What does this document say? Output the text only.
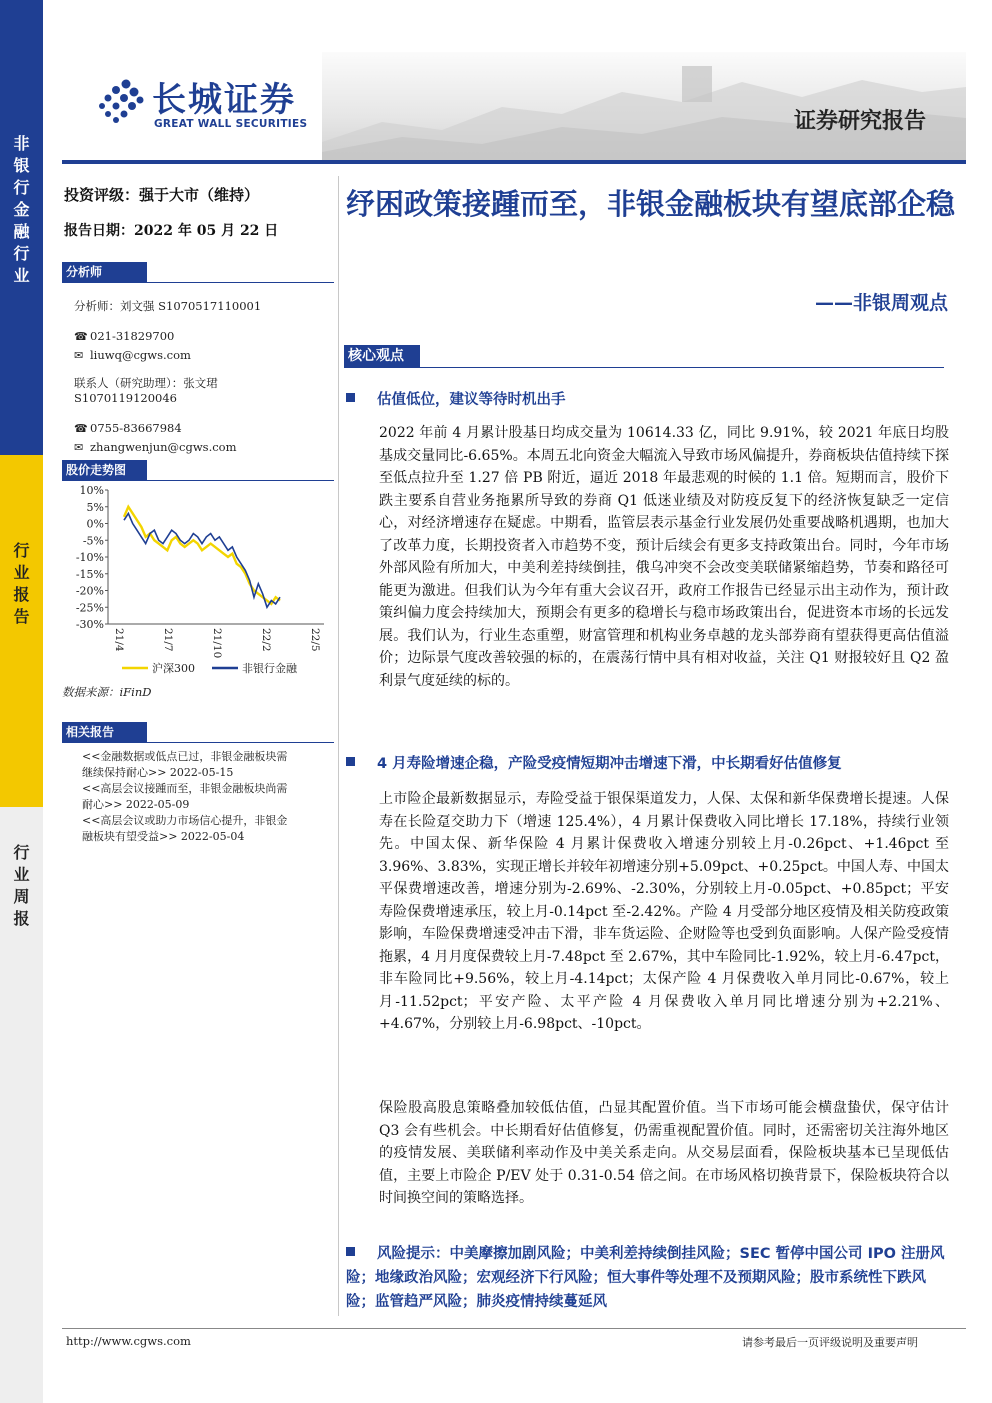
非
银
行
金
融
行
业
行
业
报
告
行
业
周
报
长城证券
GREAT WALL SECURITIES	证券研究报告
投资评级：强于大市（维持）
报告日期：2022 年 05 月 22 日
分析师
分析师：刘文强 S1070517110001
☎ 021-31829700
✉ liuwq@cgws.com
联系人（研究助理）：张文珺
S1070119120046
☎ 0755-83667984
✉ zhangwenjun@cgws.com
股价走势图
10%
5%
0%
-5%
-10%
-15%
-20%
-25%
-30%
21/4	21/7	21/10	22/2	22/5
沪深300	非银行金融
数据来源：iFinD
相关报告
<<金融数据或低点已过，非银金融板块需
继续保持耐心>> 2022-05-15
<<高层会议接踵而至，非银金融板块尚需
耐心>> 2022-05-09
<<高层会议或助力市场信心提升，非银金
融板块有望受益>> 2022-05-04
纾困政策接踵而至，非银金融板块有望底部企稳
——非银周观点
核心观点
估值低位，建议等待时机出手
2022 年前 4 月累计股基日均成交量为 10614.33 亿，同比 9.91%，较 2021 年底日均股基成交量同比-6.65%。本周五北向资金大幅流入导致市场风偏提升，券商板块估值持续下探至低点拉升至 1.27 倍 PB 附近，逼近 2018 年最悲观的时候的 1.1 倍。短期而言，股价下跌主要系自营业务拖累所导致的券商 Q1 低迷业绩及对防疫反复下的经济恢复缺乏一定信心，对经济增速存在疑虑。中期看，监管层表示基金行业发展仍处重要战略机遇期，也加大了改革力度，长期投资者入市趋势不变，预计后续会有更多支持政策出台。同时，今年市场外部风险有所加大，中美利差持续倒挂，俄乌冲突不会改变美联储紧缩趋势，节奏和路径可能更为激进。但我们认为今年有重大会议召开，政府工作报告已经显示出主动作为，预计政策纠偏力度会持续加大，预期会有更多的稳增长与稳市场政策出台，促进资本市场的长远发展。我们认为，行业生态重塑，财富管理和机构业务卓越的龙头部券商有望获得更高估值溢价；边际景气度改善较强的标的，在震荡行情中具有相对收益，关注 Q1 财报较好且 Q2 盈利景气度延续的标的。
4 月寿险增速企稳，产险受疫情短期冲击增速下滑，中长期看好估值修复
上市险企最新数据显示，寿险受益于银保渠道发力，人保、太保和新华保费增长提速。人保寿在长险趸交助力下（增速 125.4%），4 月累计保费收入同比增长 17.18%，持续行业领先。中国太保、新华保险 4 月累计保费收入增速分别较上月-0.26pct、+1.46pct 至 3.96%、3.83%，实现正增长并较年初增速分别+5.09pct、+0.25pct。中国人寿、中国太平保费增速改善，增速分别为-2.69%、-2.30%，分别较上月-0.05pct、+0.85pct；平安寿险保费增速承压，较上月-0.14pct 至-2.42%。产险 4 月受部分地区疫情及相关防疫政策影响，车险保费增速受冲击下滑，非车货运险、企财险等也受到负面影响。人保产险受疫情拖累，4 月月度保费较上月-7.48pct 至 2.67%，其中车险同比-1.92%，较上月-6.47pct，非车险同比+9.56%，较上月-4.14pct；太保产险 4 月保费收入单月同比-0.67%，较上月-11.52pct；平安产险、太平产险 4 月保费收入单月同比增速分别为+2.21%、+4.67%，分别较上月-6.98pct、-10pct。
保险股高股息策略叠加较低估值，凸显其配置价值。当下市场可能会横盘蛰伏，保守估计 Q3 会有些机会。中长期看好估值修复，仍需重视配置价值。同时，还需密切关注海外地区的疫情发展、美联储利率动作及中美关系走向。从交易层面看，保险板块基本已呈现低估值，主要上市险企 P/EV 处于 0.31-0.54 倍之间。在市场风格切换背景下，保险板块符合以时间换空间的策略选择。
风险提示：中美摩擦加剧风险；中美利差持续倒挂风险；SEC 暂停中国公司 IPO 注册风险；地缘政治风险；宏观经济下行风险；恒大事件等处理不及预期风险；股市系统性下跌风险；监管趋严风险；肺炎疫情持续蔓延风
http://www.cgws.com	请参考最后一页评级说明及重要声明
